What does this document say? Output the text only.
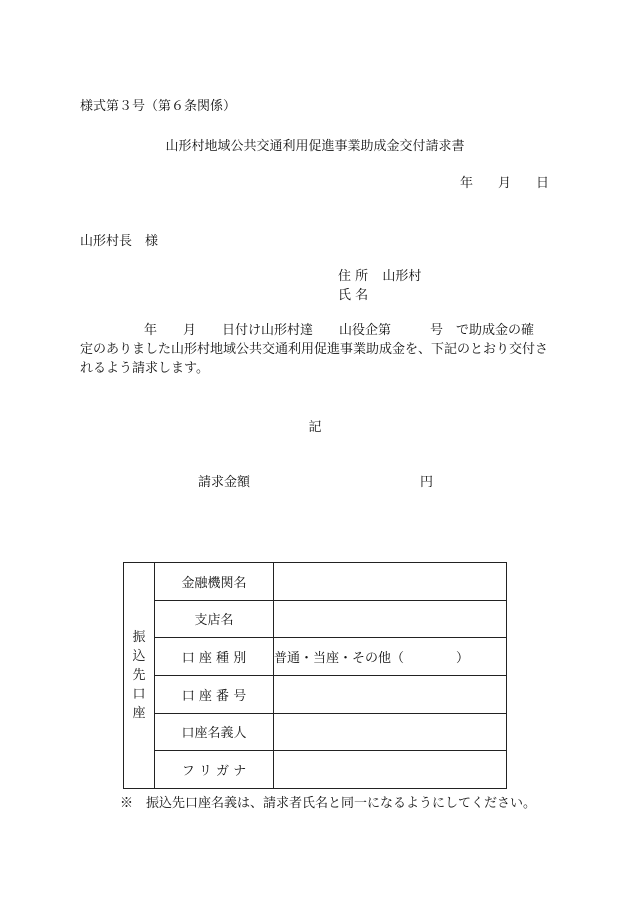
様式第３号（第６条関係）
山形村地域公共交通利用促進事業助成金交付請求書
年 月 日
山形村長　様
住 所 山形村
氏 名
年　　月　　日付け山形村達　　山役企第　　　号　で助成金の確
定のありました山形村地域公共交通利用促進事業助成金を、下記のとおり交付さ
れるよう請求します。
記
請求金額	円
振
込
先
口
座	金融機関名	
	支店名	
	口 座 種 別	普通・当座・その他（　　　　）
	口 座 番 号	
	口座名義人	
	フ リ ガ ナ	
※　振込先口座名義は、請求者氏名と同一になるようにしてください。
